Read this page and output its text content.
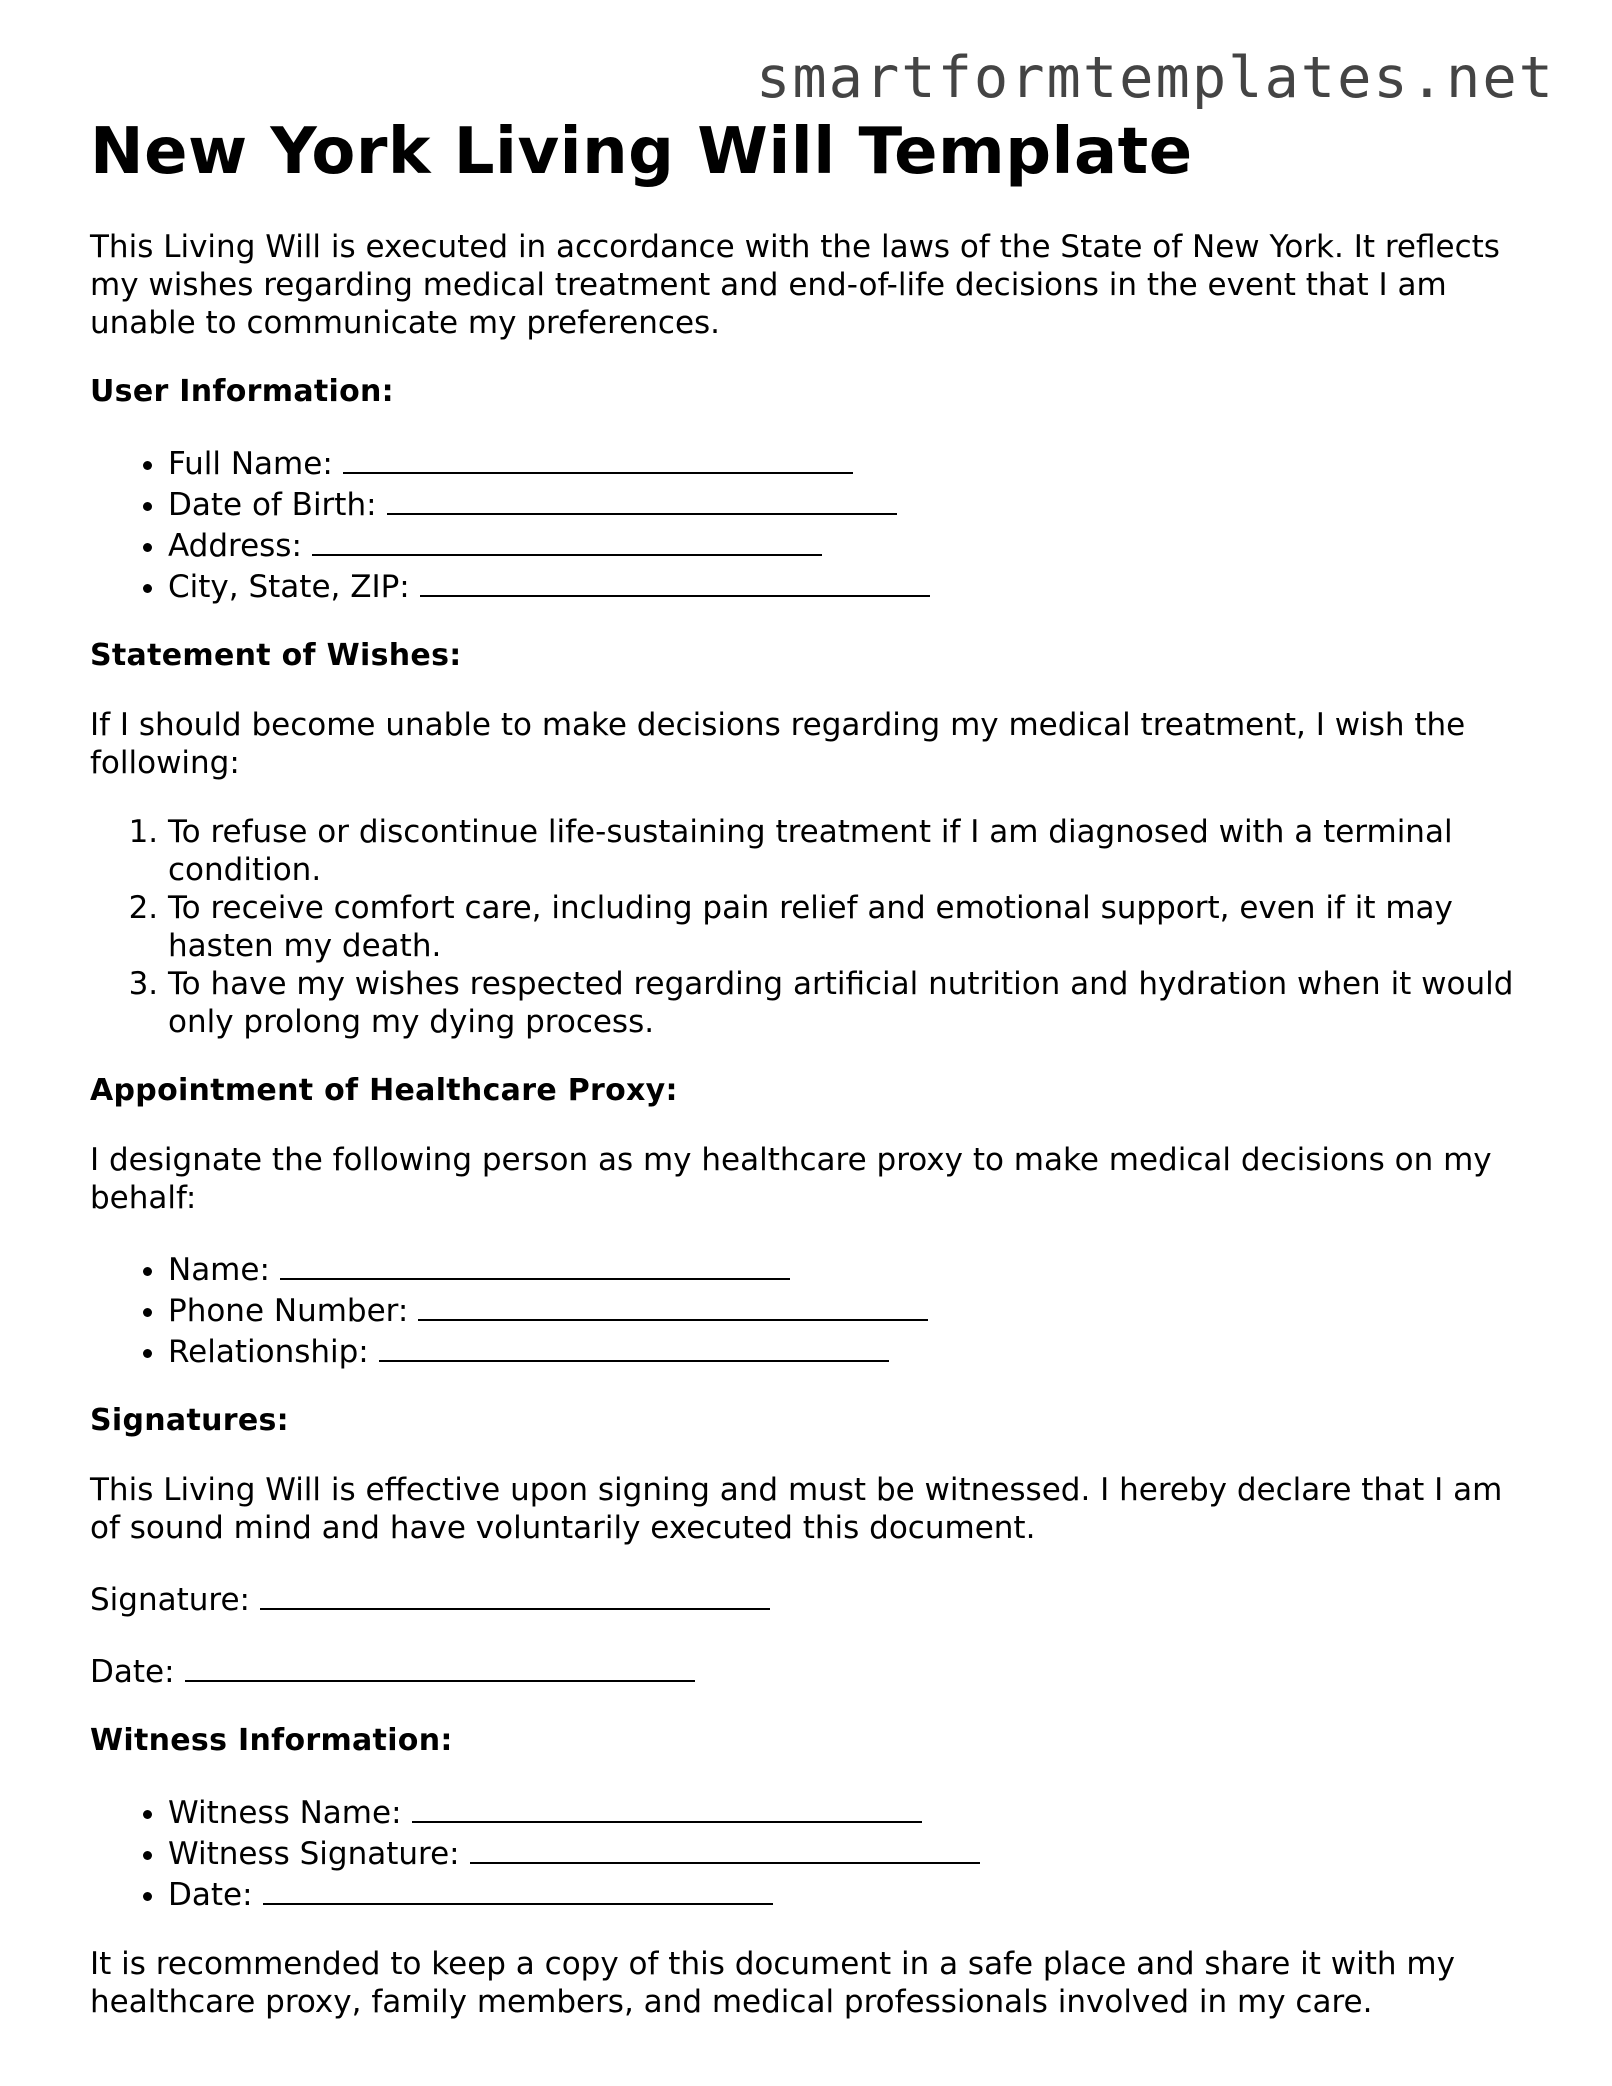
smartformtemplates.net
New York Living Will Template

This Living Will is executed in accordance with the laws of the State of New York. It reflects my wishes regarding medical treatment and end-of-life decisions in the event that I am unable to communicate my preferences.

User Information:
• Full Name:
• Date of Birth:
• Address:
• City, State, ZIP:
Statement of Wishes:

If I should become unable to make decisions regarding my medical treatment, I wish the following:

1. To refuse or discontinue life-sustaining treatment if I am diagnosed with a terminal condition.
2. To receive comfort care, including pain relief and emotional support, even if it may hasten my death.
3. To have my wishes respected regarding artificial nutrition and hydration when it would only prolong my dying process.
Appointment of Healthcare Proxy:

I designate the following person as my healthcare proxy to make medical decisions on my behalf:

• Name:
• Phone Number:
• Relationship:
Signatures:

This Living Will is effective upon signing and must be witnessed. I hereby declare that I am of sound mind and have voluntarily executed this document.

Signature:

Date:

Witness Information:
• Witness Name:
• Witness Signature:
• Date:

It is recommended to keep a copy of this document in a safe place and share it with my healthcare proxy, family members, and medical professionals involved in my care.
